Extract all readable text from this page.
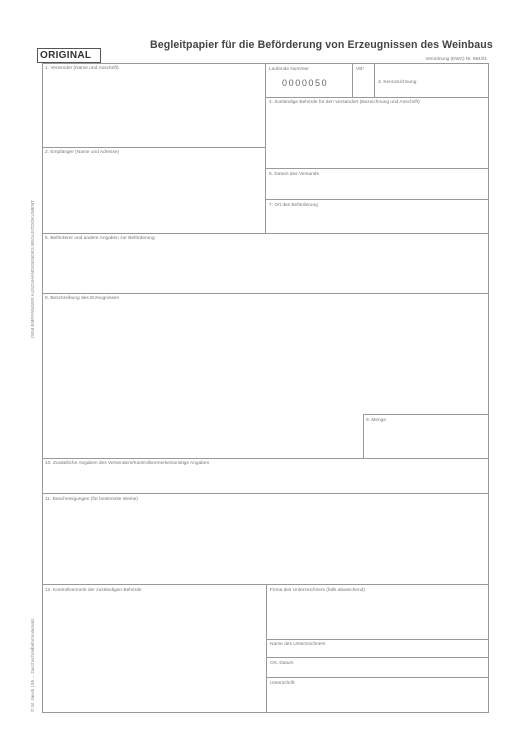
Begleitpapier für die Beförderung von Erzeugnissen des Weinbaus
Verordnung (EWG) Nr. 884/01
ORIGINAL
1. Versender (Name und Anschrift)	Laufende Nummer
0000050
VB*
3. Kennzeichnung
4. Zuständige Behörde für den Versandort (Bezeichnung und Anschrift)
2. Empfänger (Name und Adresse)
6. Datum des Versands
7. Ort des Beförderung
5. Beförderer und andere Angaben zur Beförderung
8. Beschreibung des Erzeugnisses
9. Menge
10. Zusätzliche Angaben des Versenders/Kontrollvermerke/sonstige Angaben
11. Bescheinigungen (für bestimmte Weine)
12. Kontrollvermerk der zuständigen Behörde	Firma des Unterzeichners (falls abweichend)
Name des Unterzeichners
Ort, Datum
Unterschrift
DEM EMPFÄNGER AUSZUHÄNDIGENDES BEGLEITDOKUMENT
© W. Jaeck | 85 ... Durchschreibeformularsatz
